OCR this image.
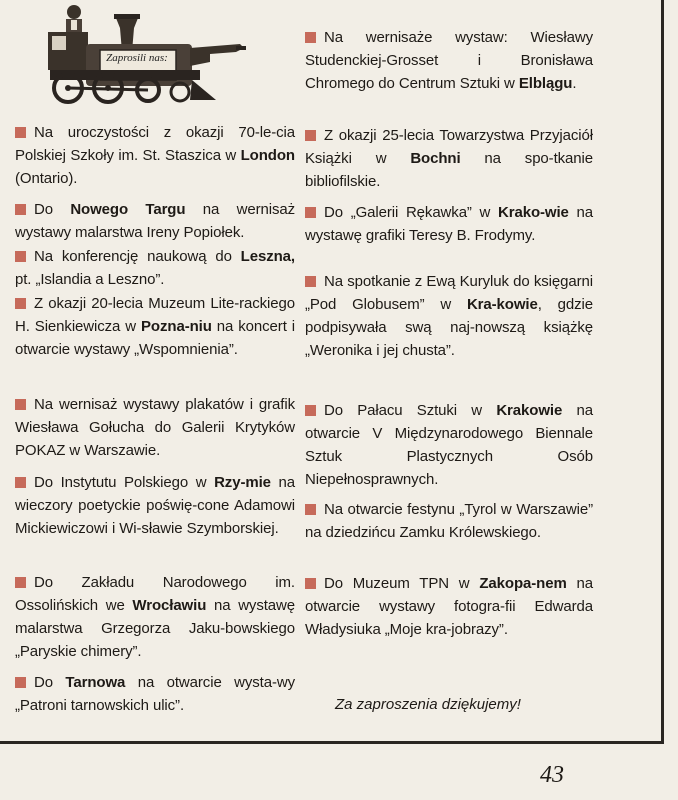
Zaprosili nas:

Na uroczystości z okazji 70-le-cia Polskiej Szkoły im. St. Staszica w London (Ontario).

Do Nowego Targu na wernisaż wystawy malarstwa Ireny Popiołek.

Na konferencję naukową do Leszna, pt. „Islandia a Leszno”.

Z okazji 20-lecia Muzeum Lite-rackiego H. Sienkiewicza w Pozna-niu na koncert i otwarcie wystawy „Wspomnienia”.

Na wernisaż wystawy plakatów i grafik Wiesława Gołucha do Galerii Krytyków POKAZ w Warszawie.

Do Instytutu Polskiego w Rzy-mie na wieczory poetyckie poświę-cone Adamowi Mickiewiczowi i Wi-sławie Szymborskiej.

Do Zakładu Narodowego im. Ossolińskich we Wrocławiu na wystawę malarstwa Grzegorza Jaku-bowskiego „Paryskie chimery”.

Do Tarnowa na otwarcie wysta-wy „Patroni tarnowskich ulic”.

Na wernisaże wystaw: Wiesławy Studenckiej-Grosset i Bronisława Chromego do Centrum Sztuki w Elblągu.

Z okazji 25-lecia Towarzystwa Przyjaciół Książki w Bochni na spo-tkanie bibliofilskie.

Do „Galerii Rękawka” w Krako-wie na wystawę grafiki Teresy B. Frodymy.

Na spotkanie z Ewą Kuryluk do księgarni „Pod Globusem” w Kra-kowie, gdzie podpisywała swą naj-nowszą książkę „Weronika i jej chusta”.

Do Pałacu Sztuki w Krakowie na otwarcie V Międzynarodowego Biennale Sztuk Plastycznych Osób Niepełnosprawnych.

Na otwarcie festynu „Tyrol w Warszawie” na dziedzińcu Zamku Królewskiego.

Do Muzeum TPN w Zakopa-nem na otwarcie wystawy fotogra-fii Edwarda Władysiuka „Moje kra-jobrazy”.

Za zaproszenia dziękujemy!
43
